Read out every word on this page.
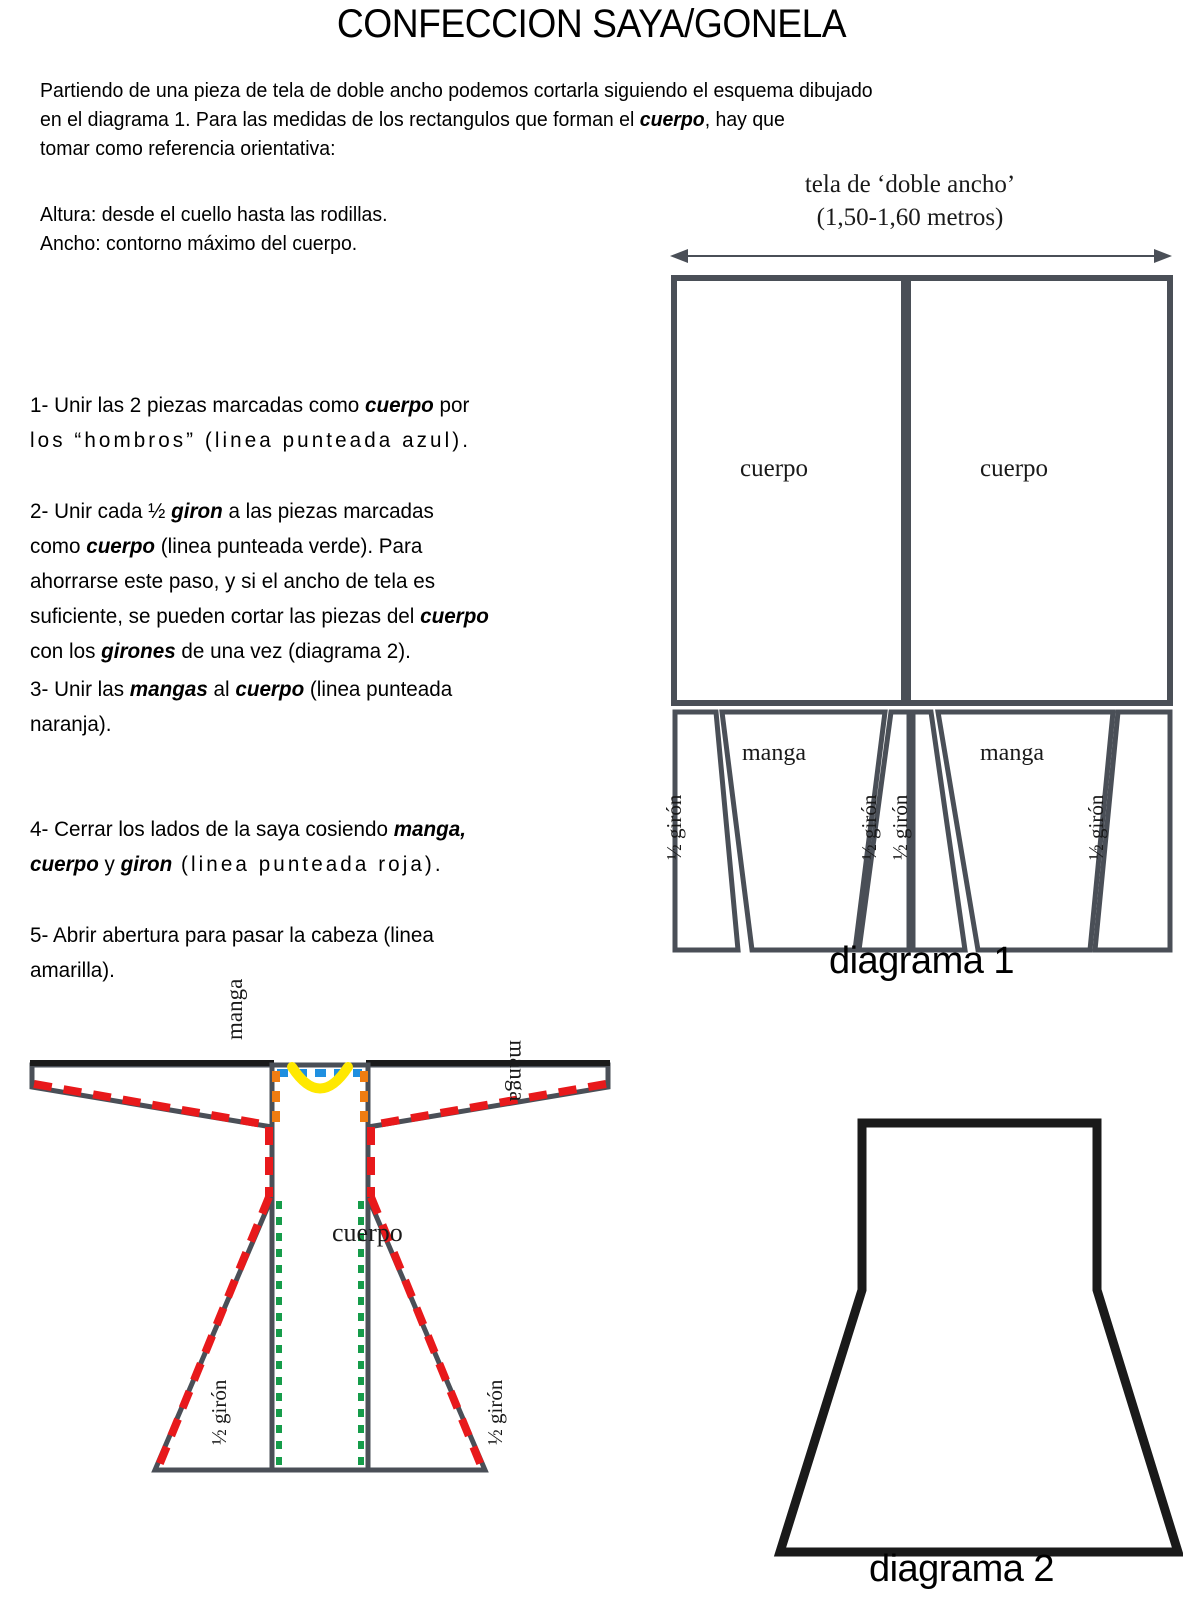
CONFECCION SAYA/GONELA
Partiendo de una pieza de tela de doble ancho podemos cortarla siguiendo el esquema dibujado
en el diagrama 1. Para las medidas de los rectangulos que forman el cuerpo, hay que
tomar como referencia orientativa:
Altura: desde el cuello hasta las rodillas.
Ancho: contorno máximo del cuerpo.
1- Unir las 2 piezas marcadas como cuerpo por
los “hombros” (linea punteada azul).
2- Unir cada ½ giron a las piezas marcadas
como cuerpo (linea punteada verde). Para
ahorrarse este paso, y si el ancho de tela es
suficiente, se pueden cortar las piezas del cuerpo
con los girones de una vez (diagrama 2).
3- Unir las mangas al cuerpo (linea punteada
naranja).
4- Cerrar los lados de la saya cosiendo manga,
cuerpo y giron (linea punteada roja).
5- Abrir abertura para pasar la cabeza (linea
amarilla).
tela de ‘doble ancho’
(1,50-1,60 metros)
cuerpo	cuerpo
manga	manga
½ girón	½ girón ½ girón	½ girón
diagrama 1
cuerpo
manga
manga
½ girón	½ girón
diagrama 2
